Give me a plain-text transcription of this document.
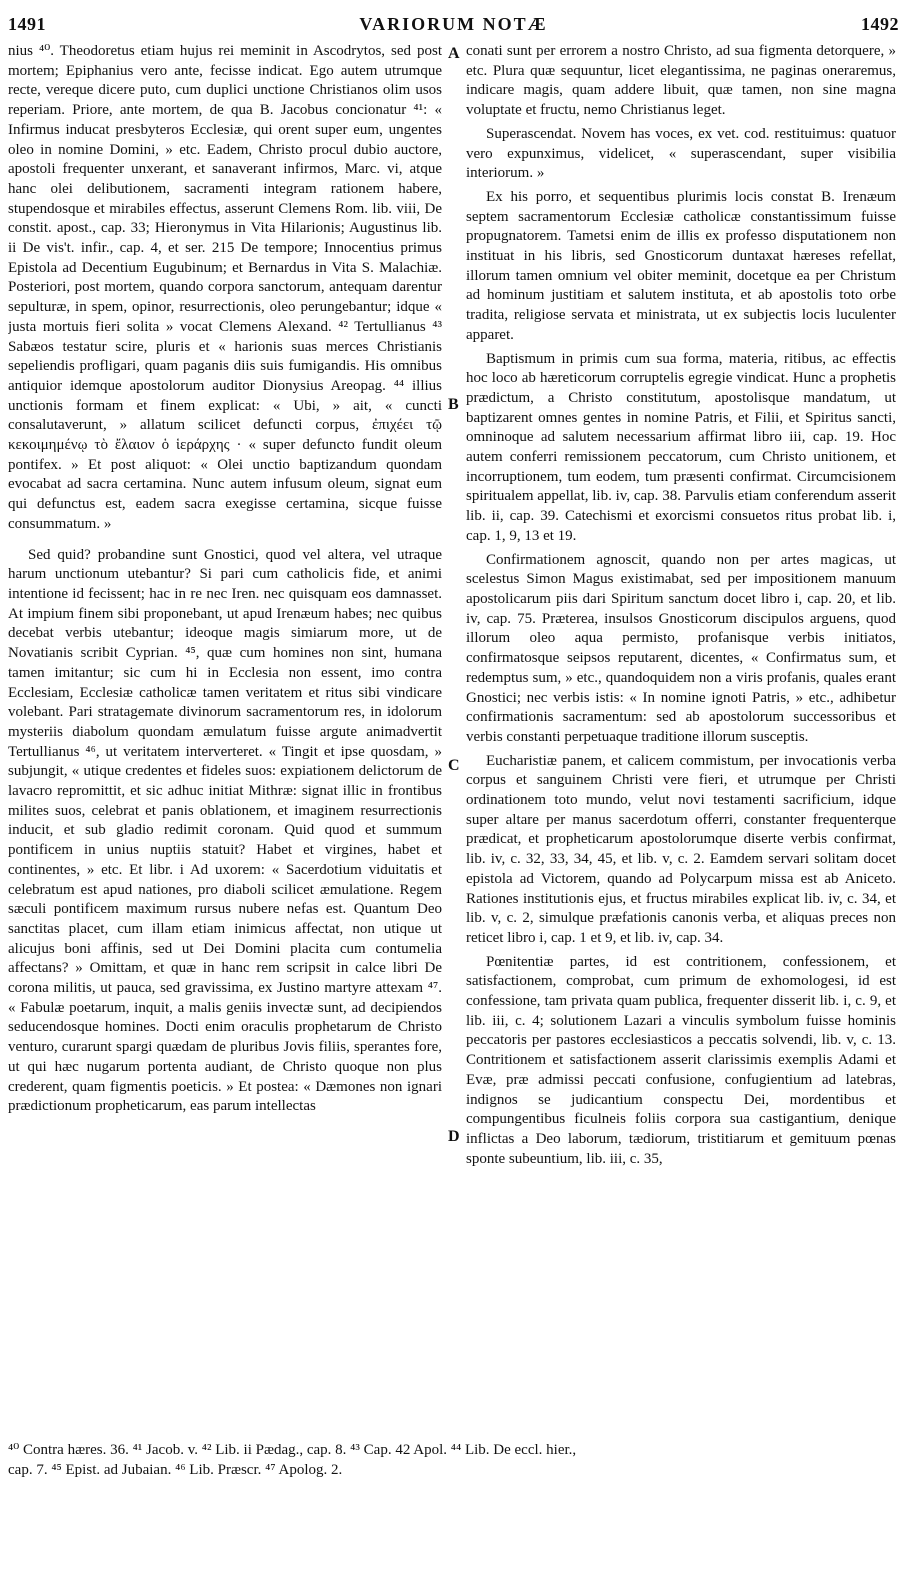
1491	VARIORUM NOTÆ	1492

nius ⁴⁰. Theodoretus etiam hujus rei meminit in Ascodrytos, sed post mortem; Epiphanius vero ante, fecisse indicat. Ego autem utrumque recte, vereque dicere puto, cum duplici unctione Christianos olim usos reperiam. Priore, ante mortem, de qua B. Jacobus concionatur ⁴¹: « Infirmus inducat presbyteros Ecclesiæ, qui orent super eum, ungentes oleo in nomine Domini, » etc. Eadem, Christo procul dubio auctore, apostoli frequenter unxerant, et sanaverant infirmos, Marc. vi, atque hanc olei delibutionem, sacramenti integram rationem habere, stupendosque et mirabiles effectus, asserunt Clemens Rom. lib. viii, De constit. apost., cap. 33; Hieronymus in Vita Hilarionis; Augustinus lib. ii De vis't. infir., cap. 4, et ser. 215 De tempore; Innocentius primus Epistola ad Decentium Eugubinum; et Bernardus in Vita S. Malachiæ. Posteriori, post mortem, quando corpora sanctorum, antequam darentur sepulturæ, in spem, opinor, resurrectionis, oleo perungebantur; idque « justa mortuis fieri solita » vocat Clemens Alexand. ⁴² Tertullianus ⁴³ Sabæos testatur scire, pluris et « harionis suas merces Christianis sepeliendis profligari, quam paganis diis suis fumigandis. His omnibus antiquior idemque apostolorum auditor Dionysius Areopag. ⁴⁴ illius unctionis formam et finem explicat: « Ubi, » ait, « cuncti consalutaverunt, » allatum scilicet defuncti corpus, ἐπιχέει τῷ κεκοιμημένῳ τὸ ἔλαιον ὁ ἱεράρχης · « super defuncto fundit oleum pontifex. » Et post aliquot: « Olei unctio baptizandum quondam evocabat ad sacra certamina. Nunc autem infusum oleum, signat eum qui defunctus est, eadem sacra exegisse certamina, sicque fuisse consummatum. »

Sed quid? probandine sunt Gnostici, quod vel altera, vel utraque harum unctionum utebantur? Si pari cum catholicis fide, et animi intentione id fecissent; hac in re nec Iren. nec quisquam eos damnasset. At impium finem sibi proponebant, ut apud Irenæum habes; nec quibus decebat verbis utebantur; ideoque magis simiarum more, ut de Novatianis scribit Cyprian. ⁴⁵, quæ cum homines non sint, humana tamen imitantur; sic cum hi in Ecclesia non essent, imo contra Ecclesiam, Ecclesiæ catholicæ tamen veritatem et ritus sibi vindicare volebant. Pari stratagemate divinorum sacramentorum res, in idolorum mysteriis diabolum quondam æmulatum fuisse argute animadvertit Tertullianus ⁴⁶, ut veritatem interverteret. « Tingit et ipse quosdam, » subjungit, « utique credentes et fideles suos: expiationem delictorum de lavacro repromittit, et sic adhuc initiat Mithræ: signat illic in frontibus milites suos, celebrat et panis oblationem, et imaginem resurrectionis inducit, et sub gladio redimit coronam. Quid quod et summum pontificem in unius nuptiis statuit? Habet et virgines, habet et continentes, » etc. Et libr. i Ad uxorem: « Sacerdotium viduitatis et celebratum est apud nationes, pro diaboli scilicet æmulatione. Regem sæculi pontificem maximum rursus nubere nefas est. Quantum Deo sanctitas placet, cum illam etiam inimicus affectat, non utique ut alicujus boni affinis, sed ut Dei Domini placita cum contumelia affectans? » Omittam, et quæ in hanc rem scripsit in calce libri De corona militis, ut pauca, sed gravissima, ex Justino martyre attexam ⁴⁷. « Fabulæ poetarum, inquit, a malis geniis invectæ sunt, ad decipiendos seducendosque homines. Docti enim oraculis prophetarum de Christo venturo, curarunt spargi quædam de pluribus Jovis filiis, sperantes fore, ut qui hæc nugarum portenta audiant, de Christo quoque non plus crederent, quam figmentis poeticis. » Et postea: « Dæmones non ignari prædictionum propheticarum, eas parum intellectas

A
B
C
D

conati sunt per errorem a nostro Christo, ad sua figmenta detorquere, » etc. Plura quæ sequuntur, licet elegantissima, ne paginas oneraremus, indicare magis, quam addere libuit, quæ tamen, non sine magna voluptate et fructu, nemo Christianus leget.

Superascendat. Novem has voces, ex vet. cod. restituimus: quatuor vero expunximus, videlicet, « superascendant, super visibilia interiorum. »

Ex his porro, et sequentibus plurimis locis constat B. Irenæum septem sacramentorum Ecclesiæ catholicæ constantissimum fuisse propugnatorem. Tametsi enim de illis ex professo disputationem non instituat in his libris, sed Gnosticorum duntaxat hæreses refellat, illorum tamen omnium vel obiter meminit, docetque ea per Christum ad hominum justitiam et salutem instituta, et ab apostolis toto orbe tradita, religiose servata et ministrata, ut ex subjectis locis luculenter apparet.

Baptismum in primis cum sua forma, materia, ritibus, ac effectis hoc loco ab hæreticorum corruptelis egregie vindicat. Hunc a prophetis prædictum, a Christo constitutum, apostolisque mandatum, ut baptizarent omnes gentes in nomine Patris, et Filii, et Spiritus sancti, omninoque ad salutem necessarium affirmat libro iii, cap. 19. Hoc autem conferri remissionem peccatorum, cum Christo unitionem, et incorruptionem, tum eodem, tum præsenti confirmat. Circumcisionem spiritualem appellat, lib. iv, cap. 38. Parvulis etiam conferendum asserit lib. ii, cap. 39. Catechismi et exorcismi consuetos ritus probat lib. i, cap. 1, 9, 13 et 19.

Confirmationem agnoscit, quando non per artes magicas, ut scelestus Simon Magus existimabat, sed per impositionem manuum apostolicarum piis dari Spiritum sanctum docet libro i, cap. 20, et lib. iv, cap. 75. Præterea, insulsos Gnosticorum discipulos arguens, quod illorum oleo aqua permisto, profanisque verbis initiatos, confirmatosque seipsos reputarent, dicentes, « Confirmatus sum, et redemptus sum, » etc., quandoquidem non a viris profanis, quales erant Gnostici; nec verbis istis: « In nomine ignoti Patris, » etc., adhibetur confirmationis sacramentum: sed ab apostolorum successoribus et verbis constanti perpetuaque traditione illorum susceptis.

Eucharistiæ panem, et calicem commistum, per invocationis verba corpus et sanguinem Christi vere fieri, et utrumque per Christi ordinationem toto mundo, velut novi testamenti sacrificium, idque super altare per manus sacerdotum offerri, constanter frequenterque prædicat, et propheticarum apostolorumque diserte verbis confirmat, lib. iv, c. 32, 33, 34, 45, et lib. v, c. 2. Eamdem servari solitam docet epistola ad Victorem, quando ad Polycarpum missa est ab Aniceto. Rationes institutionis ejus, et fructus mirabiles explicat lib. iv, c. 34, et lib. v, c. 2, simulque præfationis canonis verba, et aliquas preces non reticet libro i, cap. 1 et 9, et lib. iv, cap. 34.

Pœnitentiæ partes, id est contritionem, confessionem, et satisfactionem, comprobat, cum primum de exhomologesi, id est confessione, tam privata quam publica, frequenter disserit lib. i, c. 9, et lib. iii, c. 4; solutionem Lazari a vinculis symbolum fuisse hominis peccatoris per pastores ecclesiasticos a peccatis solvendi, lib. v, c. 13. Contritionem et satisfactionem asserit clarissimis exemplis Adami et Evæ, præ admissi peccati confusione, confugientium ad latebras, indignos se judicantium conspectu Dei, mordentibus et compungentibus ficulneis foliis corpora sua castigantium, denique inflictas a Deo laborum, tædiorum, tristitiarum et gemituum pœnas sponte subeuntium, lib. iii, c. 35,

⁴⁰ Contra hæres. 36. ⁴¹ Jacob. v. ⁴² Lib. ii Pædag., cap. 8. ⁴³ Cap. 42 Apol. ⁴⁴ Lib. De eccl. hier.,

cap. 7. ⁴⁵ Epist. ad Jubaian. ⁴⁶ Lib. Præscr. ⁴⁷ Apolog. 2.
